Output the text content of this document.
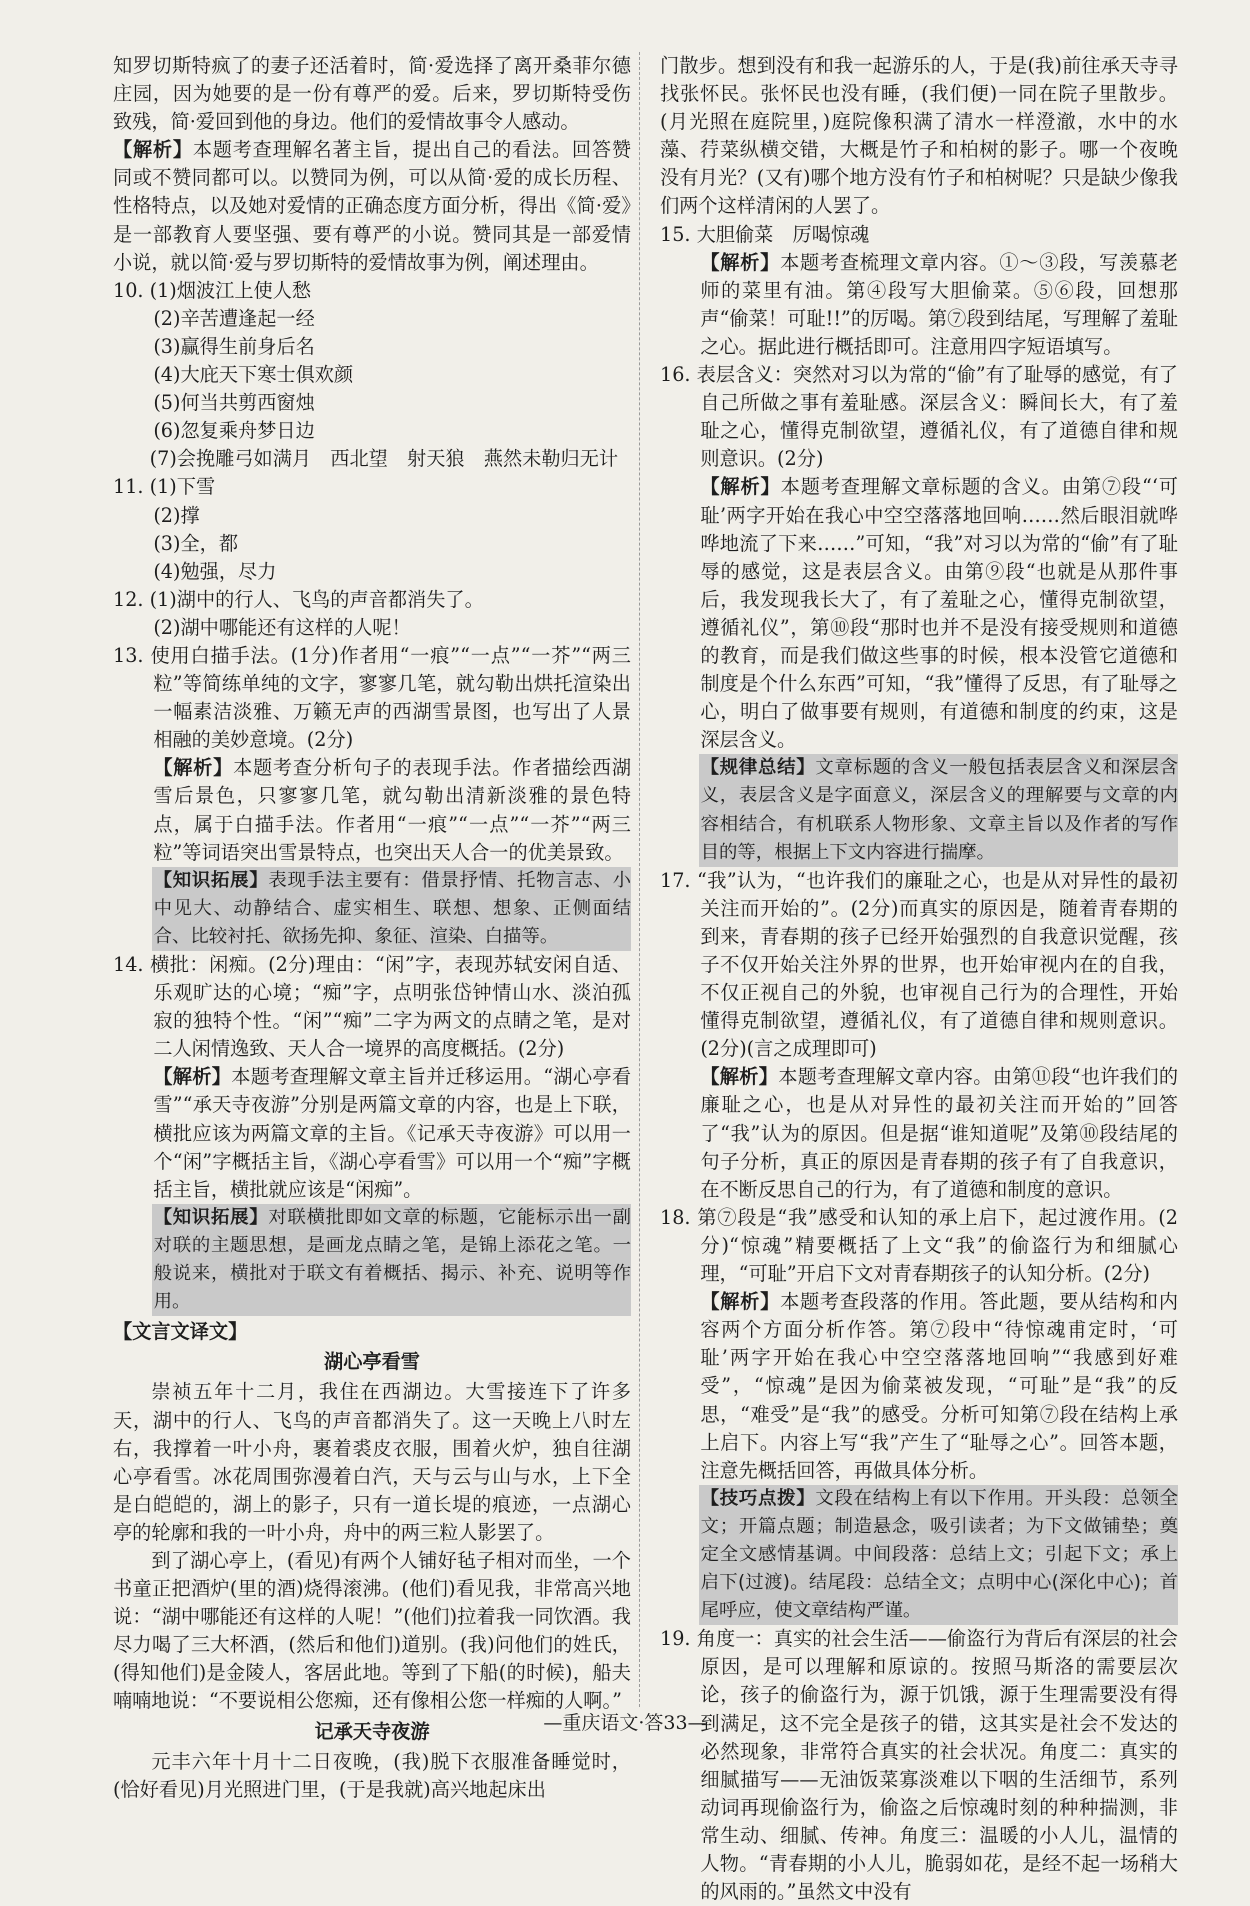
知罗切斯特疯了的妻子还活着时，简·爱选择了离开桑菲尔德庄园，因为她要的是一份有尊严的爱。后来，罗切斯特受伤致残，简·爱回到他的身边。他们的爱情故事令人感动。

【解析】本题考查理解名著主旨，提出自己的看法。回答赞同或不赞同都可以。以赞同为例，可以从简·爱的成长历程、性格特点，以及她对爱情的正确态度方面分析，得出《简·爱》是一部教育人要坚强、要有尊严的小说。赞同其是一部爱情小说，就以简·爱与罗切斯特的爱情故事为例，阐述理由。

10. (1)烟波江上使人愁

(2)辛苦遭逢起一经

(3)赢得生前身后名

(4)大庇天下寒士俱欢颜

(5)何当共剪西窗烛

(6)忽复乘舟梦日边

(7)会挽雕弓如满月　西北望　射天狼　燕然未勒归无计

11. (1)下雪

(2)撑

(3)全，都

(4)勉强，尽力

12. (1)湖中的行人、飞鸟的声音都消失了。

(2)湖中哪能还有这样的人呢！

13. 使用白描手法。(1分)作者用“一痕”“一点”“一芥”“两三粒”等简练单纯的文字，寥寥几笔，就勾勒出烘托渲染出一幅素洁淡雅、万籁无声的西湖雪景图，也写出了人景相融的美妙意境。(2分)

【解析】本题考查分析句子的表现手法。作者描绘西湖雪后景色，只寥寥几笔，就勾勒出清新淡雅的景色特点，属于白描手法。作者用“一痕”“一点”“一芥”“两三粒”等词语突出雪景特点，也突出天人合一的优美景致。

【知识拓展】表现手法主要有：借景抒情、托物言志、小中见大、动静结合、虚实相生、联想、想象、正侧面结合、比较衬托、欲扬先抑、象征、渲染、白描等。

14. 横批：闲痴。(2分)理由：“闲”字，表现苏轼安闲自适、乐观旷达的心境；“痴”字，点明张岱钟情山水、淡泊孤寂的独特个性。“闲”“痴”二字为两文的点睛之笔，是对二人闲情逸致、天人合一境界的高度概括。(2分)

【解析】本题考查理解文章主旨并迁移运用。“湖心亭看雪”“承天寺夜游”分别是两篇文章的内容，也是上下联，横批应该为两篇文章的主旨。《记承天寺夜游》可以用一个“闲”字概括主旨，《湖心亭看雪》可以用一个“痴”字概括主旨，横批就应该是“闲痴”。

【知识拓展】对联横批即如文章的标题，它能标示出一副对联的主题思想，是画龙点睛之笔，是锦上添花之笔。一般说来，横批对于联文有着概括、揭示、补充、说明等作用。

【文言文译文】

湖心亭看雪

崇祯五年十二月，我住在西湖边。大雪接连下了许多天，湖中的行人、飞鸟的声音都消失了。这一天晚上八时左右，我撑着一叶小舟，裹着裘皮衣服，围着火炉，独自往湖心亭看雪。冰花周围弥漫着白汽，天与云与山与水，上下全是白皑皑的，湖上的影子，只有一道长堤的痕迹，一点湖心亭的轮廓和我的一叶小舟，舟中的两三粒人影罢了。

到了湖心亭上，(看见)有两个人铺好毡子相对而坐，一个书童正把酒炉(里的酒)烧得滚沸。(他们)看见我，非常高兴地说：“湖中哪能还有这样的人呢！”(他们)拉着我一同饮酒。我尽力喝了三大杯酒，(然后和他们)道别。(我)问他们的姓氏，(得知他们)是金陵人，客居此地。等到了下船(的时候)，船夫喃喃地说：“不要说相公您痴，还有像相公您一样痴的人啊。”

记承天寺夜游

元丰六年十月十二日夜晚，(我)脱下衣服准备睡觉时，(恰好看见)月光照进门里，(于是我就)高兴地起床出

门散步。想到没有和我一起游乐的人，于是(我)前往承天寺寻找张怀民。张怀民也没有睡，(我们便)一同在院子里散步。(月光照在庭院里，)庭院像积满了清水一样澄澈，水中的水藻、荇菜纵横交错，大概是竹子和柏树的影子。哪一个夜晚没有月光？(又有)哪个地方没有竹子和柏树呢？只是缺少像我们两个这样清闲的人罢了。

15. 大胆偷菜　厉喝惊魂

【解析】本题考查梳理文章内容。①～③段，写羡慕老师的菜里有油。第④段写大胆偷菜。⑤⑥段，回想那声“偷菜！可耻!!”的厉喝。第⑦段到结尾，写理解了羞耻之心。据此进行概括即可。注意用四字短语填写。

16. 表层含义：突然对习以为常的“偷”有了耻辱的感觉，有了自己所做之事有羞耻感。深层含义：瞬间长大，有了羞耻之心，懂得克制欲望，遵循礼仪，有了道德自律和规则意识。(2分)

【解析】本题考查理解文章标题的含义。由第⑦段“‘可耻’两字开始在我心中空空落落地回响……然后眼泪就哗哗地流了下来……”可知，“我”对习以为常的“偷”有了耻辱的感觉，这是表层含义。由第⑨段“也就是从那件事后，我发现我长大了，有了羞耻之心，懂得克制欲望，遵循礼仪”，第⑩段“那时也并不是没有接受规则和道德的教育，而是我们做这些事的时候，根本没管它道德和制度是个什么东西”可知，“我”懂得了反思，有了耻辱之心，明白了做事要有规则，有道德和制度的约束，这是深层含义。

【规律总结】文章标题的含义一般包括表层含义和深层含义，表层含义是字面意义，深层含义的理解要与文章的内容相结合，有机联系人物形象、文章主旨以及作者的写作目的等，根据上下文内容进行揣摩。

17. “我”认为，“也许我们的廉耻之心，也是从对异性的最初关注而开始的”。(2分)而真实的原因是，随着青春期的到来，青春期的孩子已经开始强烈的自我意识觉醒，孩子不仅开始关注外界的世界，也开始审视内在的自我，不仅正视自己的外貌，也审视自己行为的合理性，开始懂得克制欲望，遵循礼仪，有了道德自律和规则意识。(2分)(言之成理即可)

【解析】本题考查理解文章内容。由第⑪段“也许我们的廉耻之心，也是从对异性的最初关注而开始的”回答了“我”认为的原因。但是据“谁知道呢”及第⑩段结尾的句子分析，真正的原因是青春期的孩子有了自我意识，在不断反思自己的行为，有了道德和制度的意识。

18. 第⑦段是“我”感受和认知的承上启下，起过渡作用。(2分)“惊魂”精要概括了上文“我”的偷盗行为和细腻心理，“可耻”开启下文对青春期孩子的认知分析。(2分)

【解析】本题考查段落的作用。答此题，要从结构和内容两个方面分析作答。第⑦段中“待惊魂甫定时，‘可耻’两字开始在我心中空空落落地回响”“我感到好难受”，“惊魂”是因为偷菜被发现，“可耻”是“我”的反思，“难受”是“我”的感受。分析可知第⑦段在结构上承上启下。内容上写“我”产生了“耻辱之心”。回答本题，注意先概括回答，再做具体分析。

【技巧点拨】文段在结构上有以下作用。开头段：总领全文；开篇点题；制造悬念，吸引读者；为下文做铺垫；奠定全文感情基调。中间段落：总结上文；引起下文；承上启下(过渡)。结尾段：总结全文；点明中心(深化中心)；首尾呼应，使文章结构严谨。

19. 角度一：真实的社会生活——偷盗行为背后有深层的社会原因，是可以理解和原谅的。按照马斯洛的需要层次论，孩子的偷盗行为，源于饥饿，源于生理需要没有得到满足，这不完全是孩子的错，这其实是社会不发达的必然现象，非常符合真实的社会状况。角度二：真实的细腻描写——无油饭菜寡淡难以下咽的生活细节，系列动词再现偷盗行为，偷盗之后惊魂时刻的种种揣测，非常生动、细腻、传神。角度三：温暖的小人儿，温情的人物。“青春期的小人儿，脆弱如花，是经不起一场稍大的风雨的。”虽然文中没有

—重庆语文·答33—
